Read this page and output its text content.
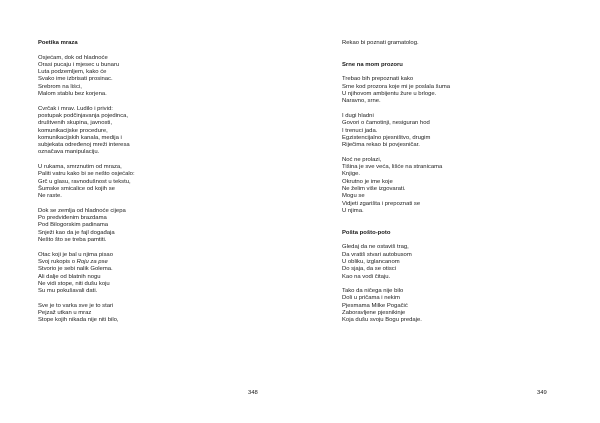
Poetika mraza

Osjećam, dok od hladnoće
Orasi pucaju i mjesec u bunaru
Luta podzemljem, kako će
Svako ime izbrisati prosinac.
Srebrom na liści,
Malom stablu bez korjena.
Cvrčak i mrav. Ludilo i privid:
postupak podčinjavanja pojedinca,
društvenih skupina, javnosti,
komunikacijske procedure,
komunikacijskih kanala, medija i
subjekata određenoj mreži interesa
označava manipulaciju.
U rukama, smrznutim od mraza,
Paliti vatru kako bi se nešto osjećalo:
Grč u glasu, ravnodušnost u tekstu,
Šumske smicalice od kojih se
Ne raste.
Dok se zemlja od hladnoće cijepa
Po predviđenim brazdama
Pod Bilogorskim padinama
Snježi kao da je fajl događaja
Nešto što se treba pamtiti.
Otac koji je bal u njima pisao
Svoj rukopis o Roju za pse
Stvorio je sebi nalik Golema.
Ali dalje od blatnih nogu
Ne vidi stope, niti dušu koju
Su mu pokušavali dati.
Sve je to varka sve je to stari
Pejzaž utkan u mraz
Stope kojih nikada nije niti bilo,
348
Rekao bi poznati gramatolog.

Srne na mom prozoru

Trebao bih prepoznati kako
Srne kod prozora koje mi je poslala šuma
U njihovom ambijentu žure u brloge.
Naravno, srne.
I dugi hladni
Govori o čamotinji, nesiguran hod
I trenuci jada.
Egzistencijalno pjesništvo, drugim
Riječima rekao bi povjesničar.
Noć ne prolazi,
Tišina je sve veća, lišće na stranicama
Knjige.
Okrutno je ime koje
Ne želim više izgovarati.
Mogu se
Vidjeti zgarišta i prepoznati se
U njima.

Pošta pošto-poto

Gledaj da ne ostaviš trag,
Da vratiš stvari autobusom
U obliku, izglancanom
Do sjaja, da se otisci
Kao na vodi čitaju.
Tako da ničega nije bilo
Doli u pričama i nekim
Pjesmama Milke Pogačić
Zaboravljene pjesnikinje
Koja dušu svoju Bogu predaje.
349
